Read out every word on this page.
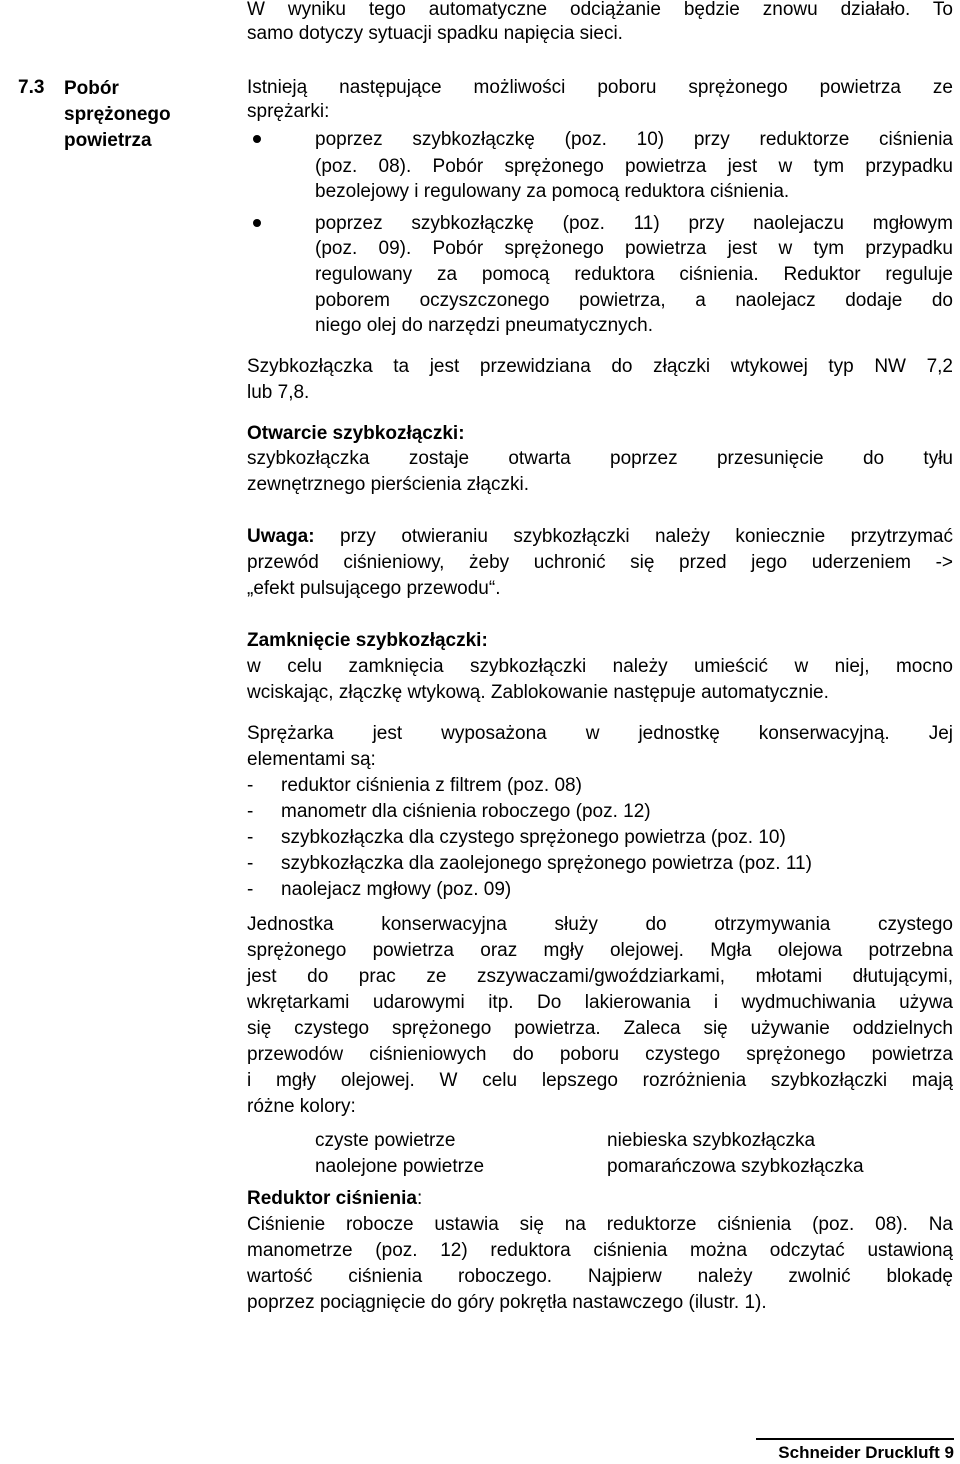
W wyniku tego automatyczne odciążanie będzie znowu działało. To
samo dotyczy sytuacji spadku napięcia sieci.
7.3 Pobór
sprężonego
powietrza
Istnieją następujące możliwości poboru sprężonego powietrza ze
sprężarki:
poprzez szybkozłączkę (poz. 10) przy reduktorze ciśnienia
(poz. 08). Pobór sprężonego powietrza jest w tym przypadku
bezolejowy i regulowany za pomocą reduktora ciśnienia.
poprzez szybkozłączkę (poz. 11) przy naolejaczu mgłowym
(poz. 09). Pobór sprężonego powietrza jest w tym przypadku
regulowany za pomocą reduktora ciśnienia. Reduktor reguluje
poborem oczyszczonego powietrza, a naolejacz dodaje do
niego olej do narzędzi pneumatycznych.
Szybkozłączka ta jest przewidziana do złączki wtykowej typ NW 7,2
lub 7,8.
Otwarcie szybkozłączki:
szybkozłączka zostaje otwarta poprzez przesunięcie do tyłu
zewnętrznego pierścienia złączki.
Uwaga: przy otwieraniu szybkozłączki należy koniecznie przytrzymać
przewód ciśnieniowy, żeby uchronić się przed jego uderzeniem ->
„efekt pulsującego przewodu“.
Zamknięcie szybkozłączki:
w celu zamknięcia szybkozłączki należy umieścić w niej, mocno
wciskając, złączkę wtykową. Zablokowanie następuje automatycznie.
Sprężarka jest wyposażona w jednostkę konserwacyjną. Jej
elementami są:
- reduktor ciśnienia z filtrem (poz. 08)
- manometr dla ciśnienia roboczego (poz. 12)
- szybkozłączka dla czystego sprężonego powietrza (poz. 10)
- szybkozłączka dla zaolejonego sprężonego powietrza (poz. 11)
- naolejacz mgłowy (poz. 09)
Jednostka konserwacyjna służy do otrzymywania czystego
sprężonego powietrza oraz mgły olejowej. Mgła olejowa potrzebna
jest do prac ze zszywaczami/gwoździarkami, młotami dłutującymi,
wkrętarkami udarowymi itp. Do lakierowania i wydmuchiwania używa
się czystego sprężonego powietrza. Zaleca się używanie oddzielnych
przewodów ciśnieniowych do poboru czystego sprężonego powietrza
i mgły olejowej. W celu lepszego rozróżnienia szybkozłączki mają
różne kolory:
czyste powietrze	niebieska szybkozłączka
naolejone powietrze	pomarańczowa szybkozłączka
Reduktor ciśnienia:
Ciśnienie robocze ustawia się na reduktorze ciśnienia (poz. 08). Na
manometrze (poz. 12) reduktora ciśnienia można odczytać ustawioną
wartość ciśnienia roboczego. Najpierw należy zwolnić blokadę
poprzez pociągnięcie do góry pokrętła nastawczego (ilustr. 1).
Schneider Druckluft 9
